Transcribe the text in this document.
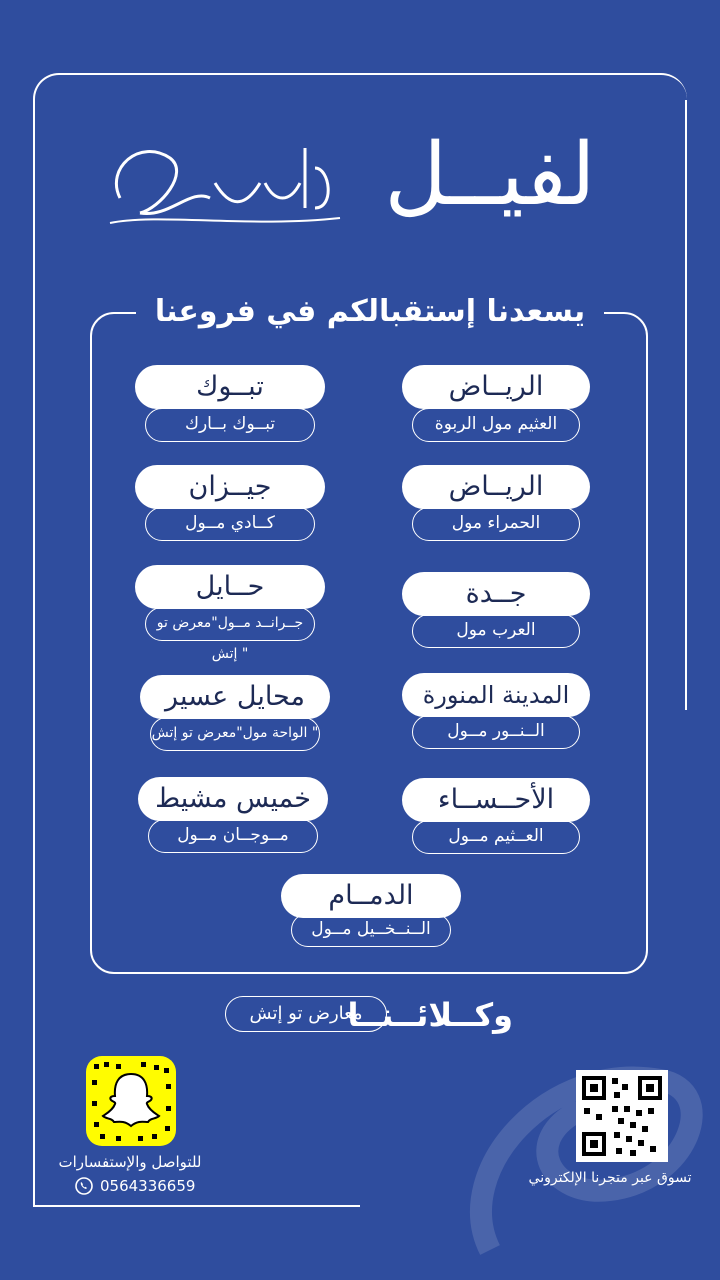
لفيــل
يسعدنا إستقبالكم في فروعنا
الريــاض
العثيم مول الربوة
الريــاض
الحمراء مول
جــدة
العرب مول
المدينة المنورة
الــنــور مــول
الأحــســاء
العــثيم مــول
تبــوك
تبــوك بــارك
جيــزان
كــادي مــول
حــايل
جــرانــد مــول"معرض تو إتش "
محايل عسير
الواحة مول"معرض تو إتش "
خميس مشيط
مــوجــان مــول
الدمــام
الــنــخــيل مــول
وكــلائــنــا
معارض تو إتش
للتواصل والإستفسارات
0564336659	تسوق عبر متجرنا الإلكتروني
